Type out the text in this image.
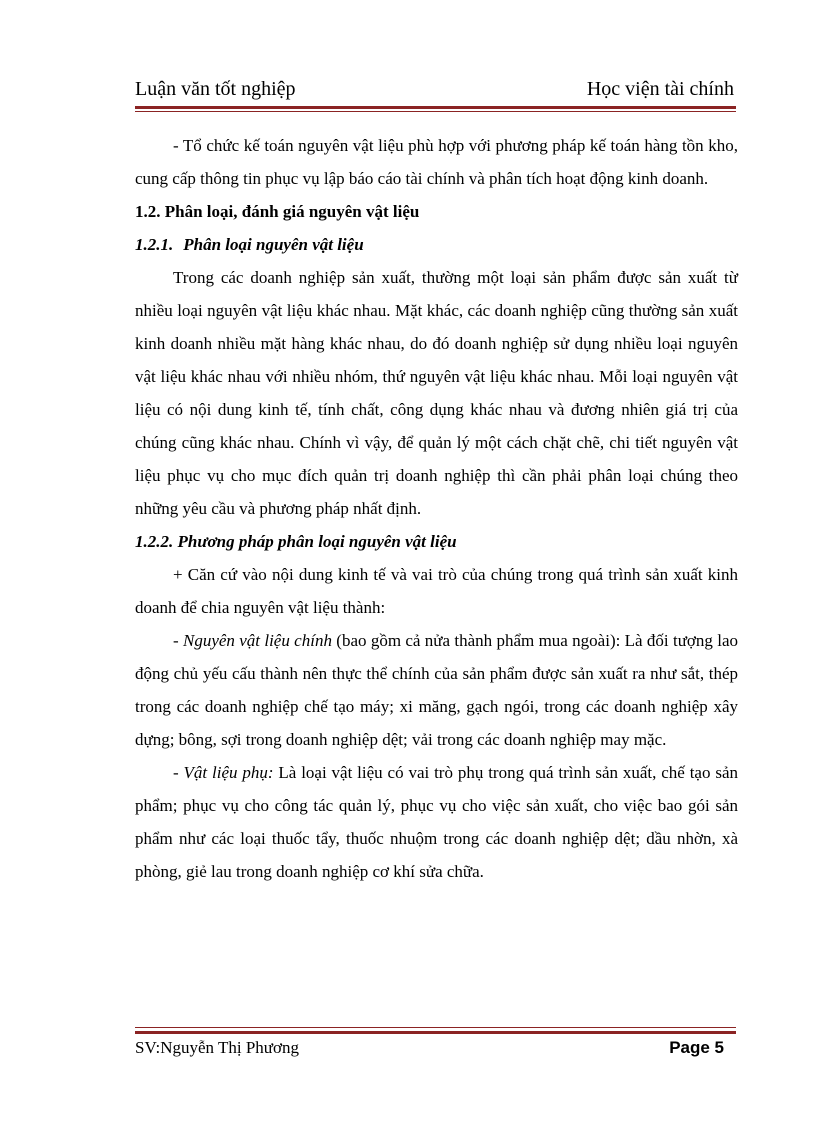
Luận văn tốt nghiệp	Học viện tài chính

- Tổ chức kế toán nguyên vật liệu phù hợp với phương pháp kế toán hàng tồn kho, cung cấp thông tin phục vụ lập báo cáo tài chính và phân tích hoạt động kinh doanh.

1.2. Phân loại, đánh giá nguyên vật liệu

1.2.1. Phân loại nguyên vật liệu

Trong các doanh nghiệp sản xuất, thường một loại sản phẩm được sản xuất từ nhiều loại nguyên vật liệu khác nhau. Mặt khác, các doanh nghiệp cũng thường sản xuất kinh doanh nhiều mặt hàng khác nhau, do đó doanh nghiệp sử dụng nhiều loại nguyên vật liệu khác nhau với nhiều nhóm, thứ nguyên vật liệu khác nhau. Mỗi loại nguyên vật liệu có nội dung kinh tế, tính chất, công dụng khác nhau và đương nhiên giá trị của chúng cũng khác nhau. Chính vì vậy, để quản lý một cách chặt chẽ, chi tiết nguyên vật liệu phục vụ cho mục đích quản trị doanh nghiệp thì cần phải phân loại chúng theo những yêu cầu và phương pháp nhất định.

1.2.2. Phương pháp phân loại nguyên vật liệu

+ Căn cứ vào nội dung kinh tế và vai trò của chúng trong quá trình sản xuất kinh doanh để chia nguyên vật liệu thành:

- Nguyên vật liệu chính (bao gồm cả nửa thành phẩm mua ngoài): Là đối tượng lao động chủ yếu cấu thành nên thực thể chính của sản phẩm được sản xuất ra như sắt, thép trong các doanh nghiệp chế tạo máy; xi măng, gạch ngói, trong các doanh nghiệp xây dựng; bông, sợi trong doanh nghiệp dệt; vải trong các doanh nghiệp may mặc.

- Vật liệu phụ: Là loại vật liệu có vai trò phụ trong quá trình sản xuất, chế tạo sản phẩm; phục vụ cho công tác quản lý, phục vụ cho việc sản xuất, cho việc bao gói sản phẩm như các loại thuốc tẩy, thuốc nhuộm trong các doanh nghiệp dệt; dầu nhờn, xà phòng, giẻ lau trong doanh nghiệp cơ khí sửa chữa.

SV:Nguyễn Thị Phương	Page 5
